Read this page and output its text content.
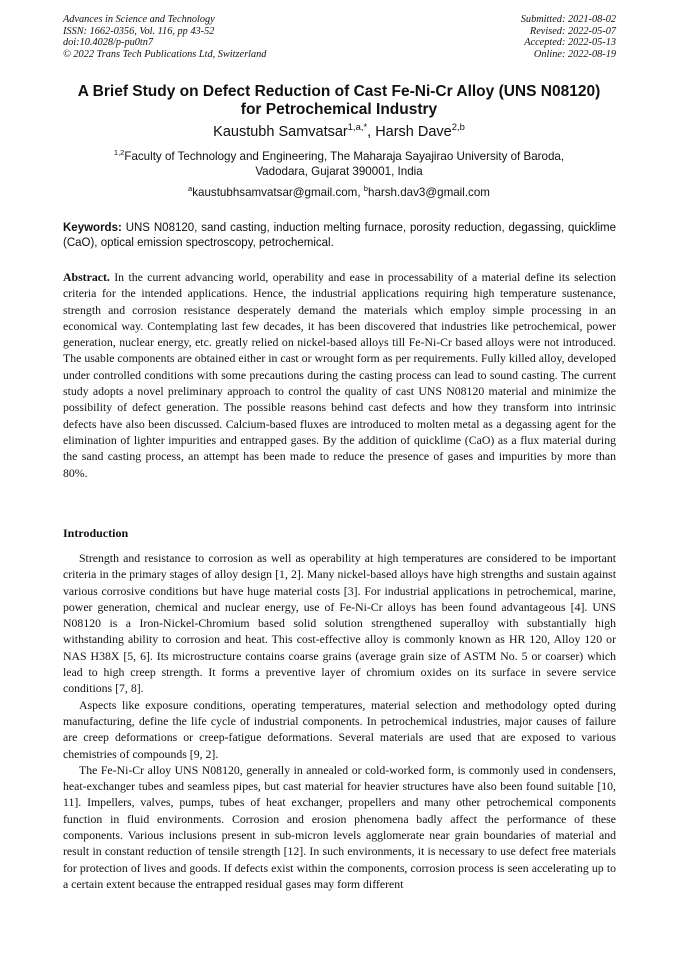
Advances in Science and Technology
ISSN: 1662-0356, Vol. 116, pp 43-52
doi:10.4028/p-pu0tn7
© 2022 Trans Tech Publications Ltd, Switzerland
Submitted: 2021-08-02
Revised: 2022-05-07
Accepted: 2022-05-13
Online: 2022-08-19
A Brief Study on Defect Reduction of Cast Fe-Ni-Cr Alloy (UNS N08120)
for Petrochemical Industry
Kaustubh Samvatsar$^{1,a,*}$, Harsh Dave$^{2,b}$
$^{1,2}$Faculty of Technology and Engineering, The Maharaja Sayajirao University of Baroda,
Vadodara, Gujarat 390001, India
$^a$kaustubhsamvatsar@gmail.com, $^b$harsh.dav3@gmail.com
Keywords: UNS N08120, sand casting, induction melting furnace, porosity reduction, degassing, quicklime (CaO), optical emission spectroscopy, petrochemical.
Abstract. In the current advancing world, operability and ease in processability of a material define its selection criteria for the intended applications. Hence, the industrial applications requiring high temperature sustenance, strength and corrosion resistance desperately demand the materials which employ simple processing in an economical way. Contemplating last few decades, it has been discovered that industries like petrochemical, power generation, nuclear energy, etc. greatly relied on nickel-based alloys till Fe-Ni-Cr based alloys were not introduced. The usable components are obtained either in cast or wrought form as per requirements. Fully killed alloy, developed under controlled conditions with some precautions during the casting process can lead to sound casting. The current study adopts a novel preliminary approach to control the quality of cast UNS N08120 material and minimize the possibility of defect generation. The possible reasons behind cast defects and how they transform into intrinsic defects have also been discussed. Calcium-based fluxes are introduced to molten metal as a degassing agent for the elimination of lighter impurities and entrapped gases. By the addition of quicklime (CaO) as a flux material during the sand casting process, an attempt has been made to reduce the presence of gases and impurities by more than 80%.
Introduction

Strength and resistance to corrosion as well as operability at high temperatures are considered to be important criteria in the primary stages of alloy design [1, 2]. Many nickel-based alloys have high strengths and sustain against various corrosive conditions but have huge material costs [3]. For industrial applications in petrochemical, marine, power generation, chemical and nuclear energy, use of Fe-Ni-Cr alloys has been found advantageous [4]. UNS N08120 is a Iron-Nickel-Chromium based solid solution strengthened superalloy with substantially high withstanding ability to corrosion and heat. This cost-effective alloy is commonly known as HR 120, Alloy 120 or NAS H38X [5, 6]. Its microstructure contains coarse grains (average grain size of ASTM No. 5 or coarser) which lead to high creep strength. It forms a preventive layer of chromium oxides on its surface in severe service conditions [7, 8].

Aspects like exposure conditions, operating temperatures, material selection and methodology opted during manufacturing, define the life cycle of industrial components. In petrochemical industries, major causes of failure are creep deformations or creep-fatigue deformations. Several materials are used that are exposed to various chemistries of compounds [9, 2].

The Fe-Ni-Cr alloy UNS N08120, generally in annealed or cold-worked form, is commonly used in condensers, heat-exchanger tubes and seamless pipes, but cast material for heavier structures have also been found suitable [10, 11]. Impellers, valves, pumps, tubes of heat exchanger, propellers and many other petrochemical components function in fluid environments. Corrosion and erosion phenomena badly affect the performance of these components. Various inclusions present in sub-micron levels agglomerate near grain boundaries of material and result in constant reduction of tensile strength [12]. In such environments, it is necessary to use defect free materials for protection of lives and goods. If defects exist within the components, corrosion process is seen accelerating up to a certain extent because the entrapped residual gases may form different
